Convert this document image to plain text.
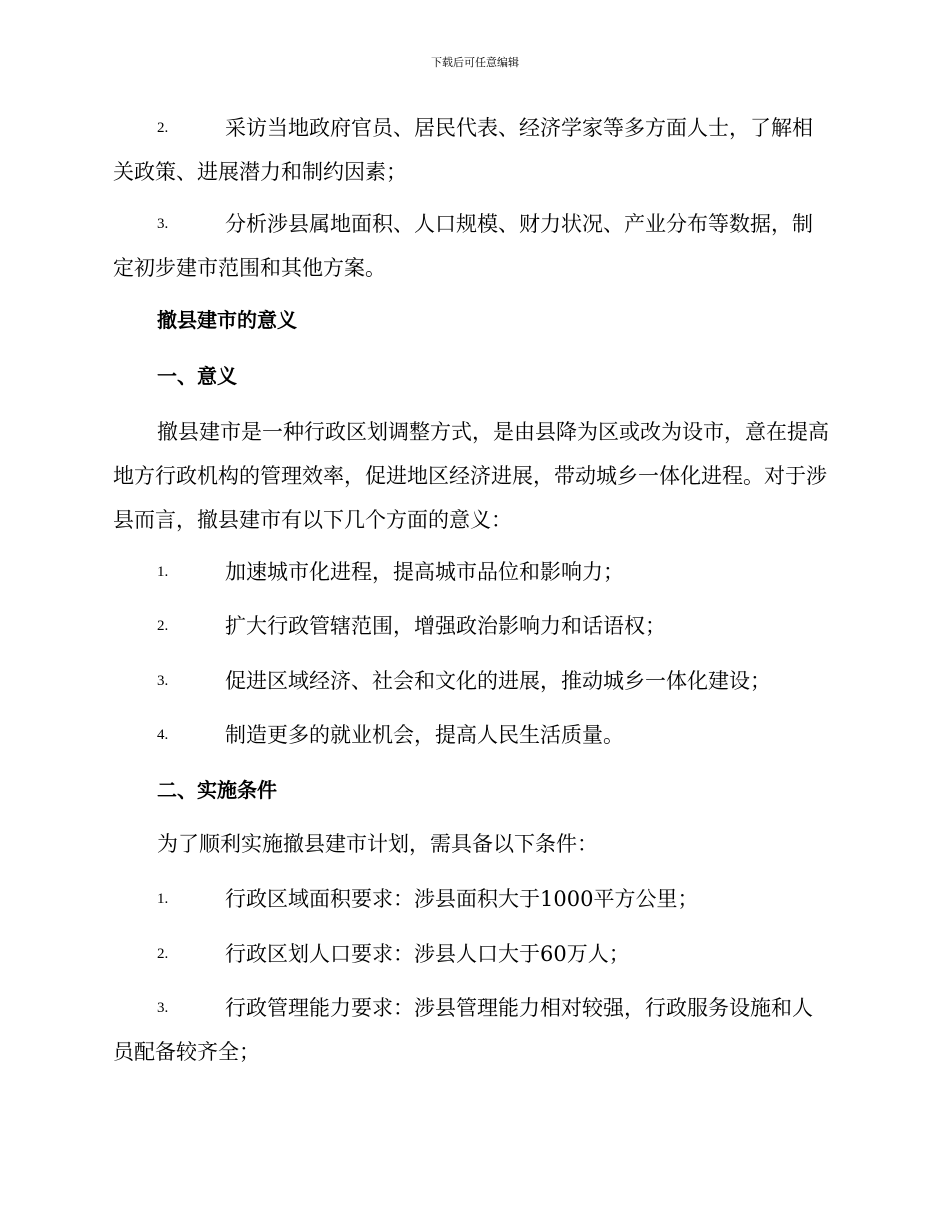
下载后可任意编辑
2.	采访当地政府官员、居民代表、经济学家等多方面人士，了解相关政策、进展潜力和制约因素；
3.	分析涉县属地面积、人口规模、财力状况、产业分布等数据，制定初步建市范围和其他方案。
撤县建市的意义
一、意义
撤县建市是一种行政区划调整方式，是由县降为区或改为设市，意在提高地方行政机构的管理效率，促进地区经济进展，带动城乡一体化进程。对于涉县而言，撤县建市有以下几个方面的意义：
1.	加速城市化进程，提高城市品位和影响力；
2.	扩大行政管辖范围，增强政治影响力和话语权；
3.	促进区域经济、社会和文化的进展，推动城乡一体化建设；
4.	制造更多的就业机会，提高人民生活质量。
二、实施条件
为了顺利实施撤县建市计划，需具备以下条件：
1.	行政区域面积要求：涉县面积大于1000平方公里；
2.	行政区划人口要求：涉县人口大于60万人；
3.	行政管理能力要求：涉县管理能力相对较强，行政服务设施和人员配备较齐全；
